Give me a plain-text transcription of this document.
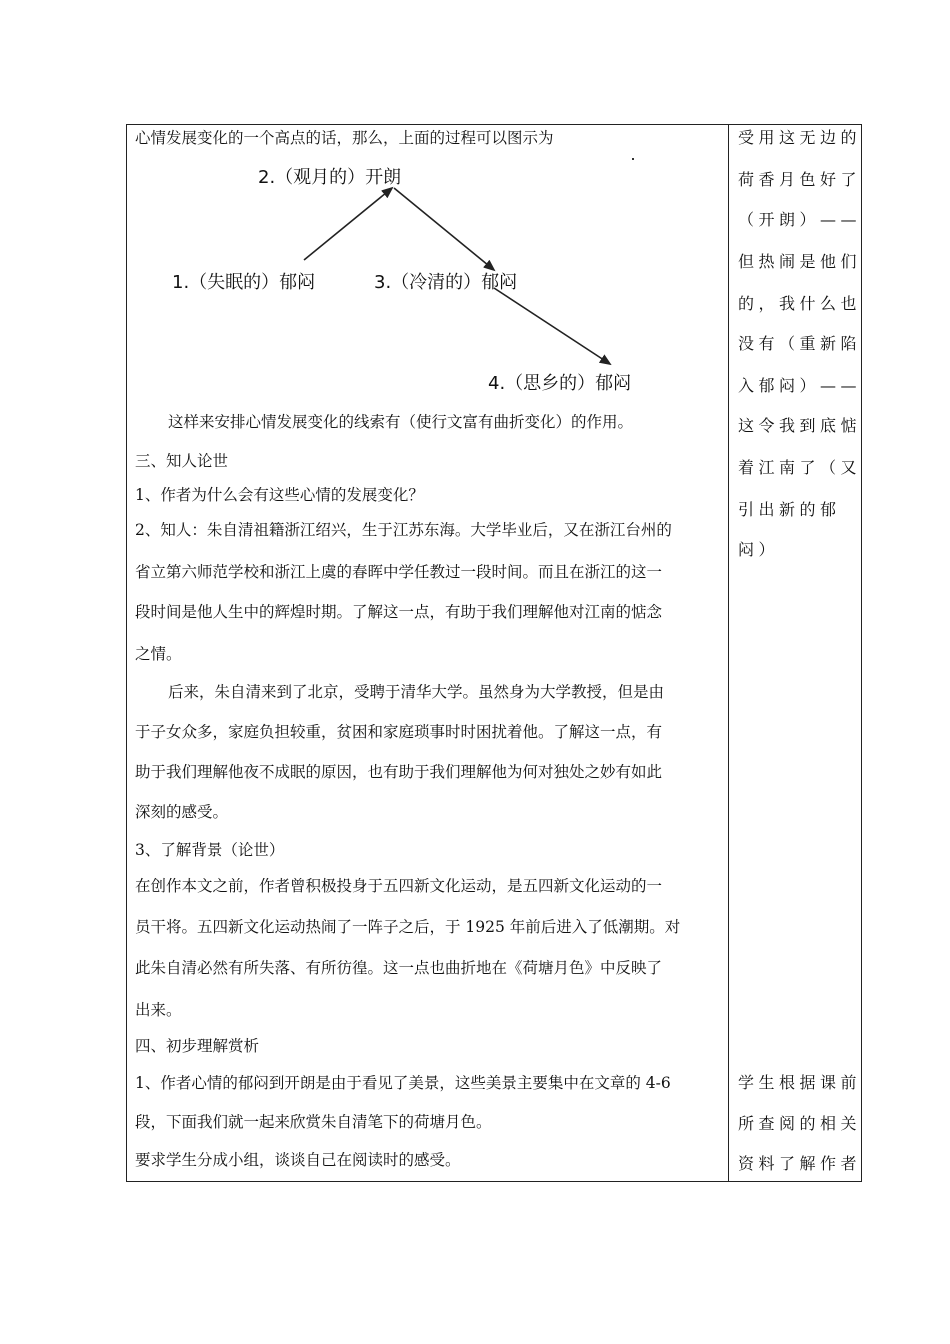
心情发展变化的一个高点的话，那么，上面的过程可以图示为
2.（观月的）开朗
1.（失眠的）郁闷	3.（冷清的）郁闷
4.（思乡的）郁闷
这样来安排心情发展变化的线索有（使行文富有曲折变化）的作用。
三、知人论世
1、作者为什么会有这些心情的发展变化？
2、知人：朱自清祖籍浙江绍兴，生于江苏东海。大学毕业后，又在浙江台州的
省立第六师范学校和浙江上虞的春晖中学任教过一段时间。而且在浙江的这一
段时间是他人生中的辉煌时期。了解这一点，有助于我们理解他对江南的惦念
之情。
后来，朱自清来到了北京，受聘于清华大学。虽然身为大学教授，但是由
于子女众多，家庭负担较重，贫困和家庭琐事时时困扰着他。了解这一点，有
助于我们理解他夜不成眠的原因，也有助于我们理解他为何对独处之妙有如此
深刻的感受。
3、了解背景（论世）
在创作本文之前，作者曾积极投身于五四新文化运动，是五四新文化运动的一
员干将。五四新文化运动热闹了一阵子之后，于 1925 年前后进入了低潮期。对
此朱自清必然有所失落、有所彷徨。这一点也曲折地在《荷塘月色》中反映了
出来。
四、初步理解赏析
1、作者心情的郁闷到开朗是由于看见了美景，这些美景主要集中在文章的 4-6
段，下面我们就一起来欣赏朱自清笔下的荷塘月色。
要求学生分成小组，谈谈自己在阅读时的感受。
受用这无边的
荷香月色好了
（开朗）——
但热闹是他们
的，我什么也
没有（重新陷
入郁闷）——
这令我到底惦
着江南了（又
引出新的郁
闷）
学生根据课前
所查阅的相关
资料了解作者
